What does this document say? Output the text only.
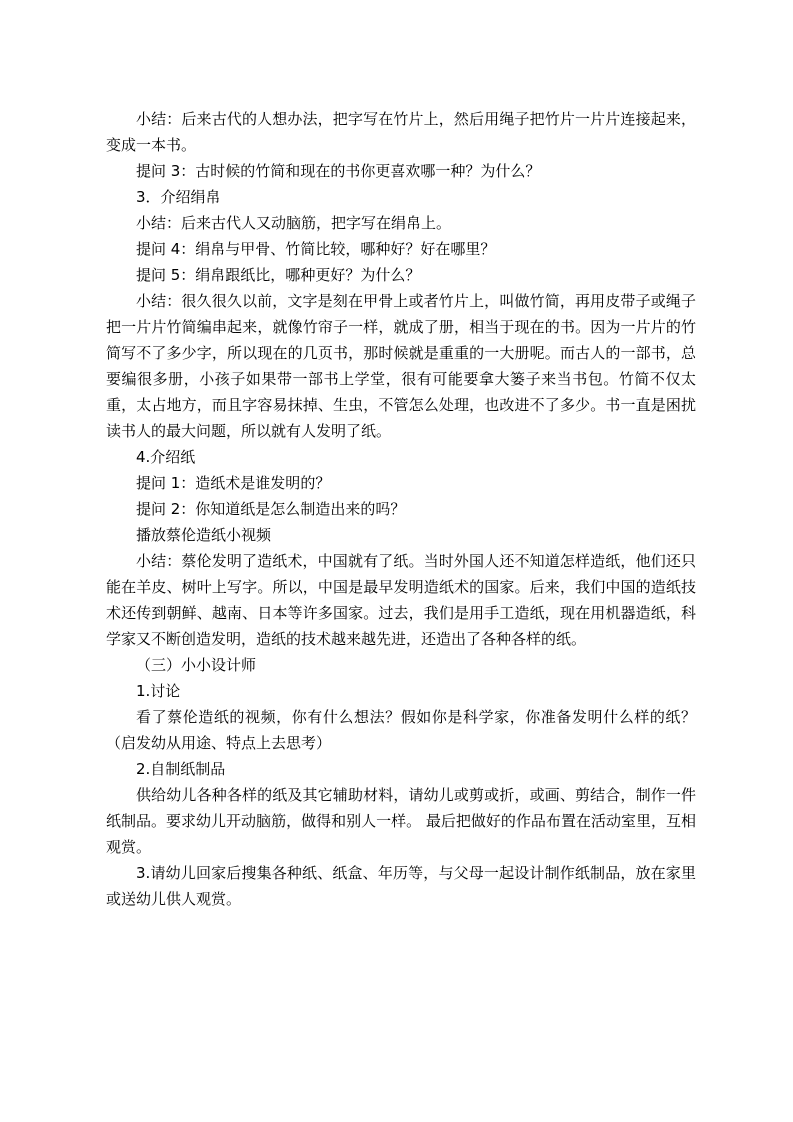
小结：后来古代的人想办法，把字写在竹片上，然后用绳子把竹片一片片连接起来，变成一本书。

提问 3：古时候的竹简和现在的书你更喜欢哪一种？为什么？

3．介绍绢帛

小结：后来古代人又动脑筋，把字写在绢帛上。

提问 4：绢帛与甲骨、竹简比较，哪种好？好在哪里？

提问 5：绢帛跟纸比，哪种更好？为什么？

小结：很久很久以前，文字是刻在甲骨上或者竹片上，叫做竹简，再用皮带子或绳子把一片片竹简编串起来，就像竹帘子一样，就成了册，相当于现在的书。因为一片片的竹简写不了多少字，所以现在的几页书，那时候就是重重的一大册呢。而古人的一部书，总要编很多册，小孩子如果带一部书上学堂，很有可能要拿大篓子来当书包。竹简不仅太重，太占地方，而且字容易抹掉、生虫，不管怎么处理，也改进不了多少。书一直是困扰读书人的最大问题，所以就有人发明了纸。

4.介绍纸

提问 1：造纸术是谁发明的？

提问 2：你知道纸是怎么制造出来的吗？

播放蔡伦造纸小视频

小结：蔡伦发明了造纸术，中国就有了纸。当时外国人还不知道怎样造纸，他们还只能在羊皮、树叶上写字。所以，中国是最早发明造纸术的国家。后来，我们中国的造纸技术还传到朝鲜、越南、日本等许多国家。过去，我们是用手工造纸，现在用机器造纸，科学家又不断创造发明，造纸的技术越来越先进，还造出了各种各样的纸。

（三）小小设计师

1.讨论

看了蔡伦造纸的视频，你有什么想法？假如你是科学家，你准备发明什么样的纸？（启发幼从用途、特点上去思考）

2.自制纸制品

供给幼儿各种各样的纸及其它辅助材料，请幼儿或剪或折，或画、剪结合，制作一件纸制品。要求幼儿开动脑筋，做得和别人一样。 最后把做好的作品布置在活动室里，互相观赏。

3.请幼儿回家后搜集各种纸、纸盒、年历等，与父母一起设计制作纸制品，放在家里或送幼儿供人观赏。
